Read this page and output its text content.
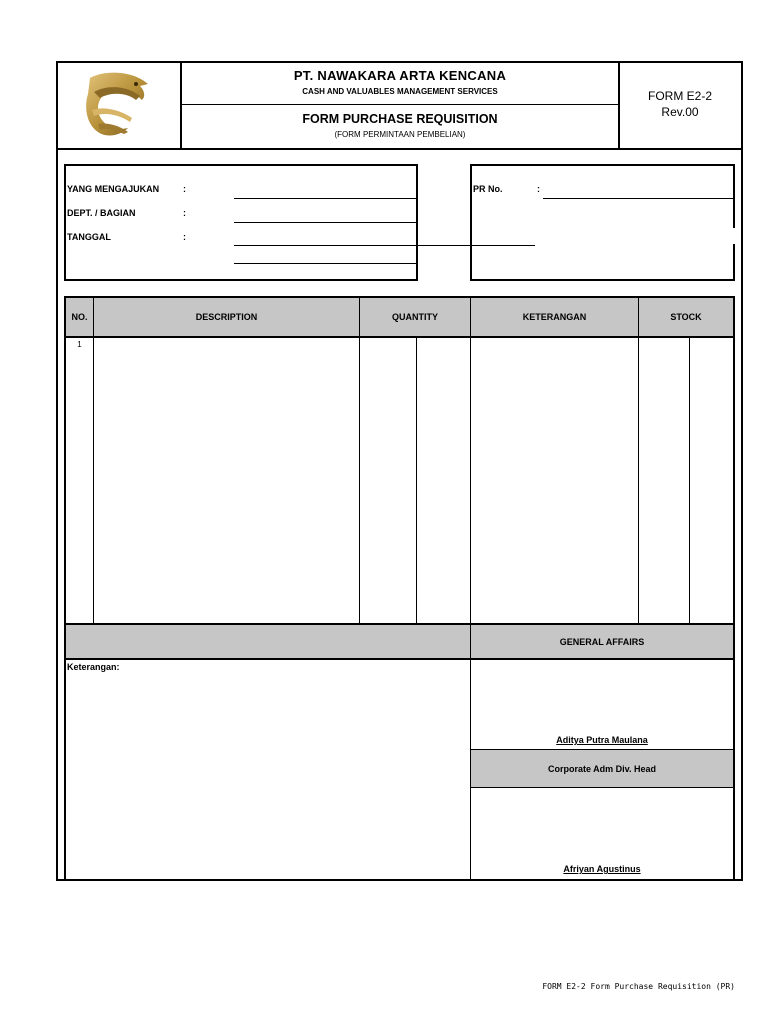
PT. NAWAKARA ARTA KENCANA
CASH AND VALUABLES MANAGEMENT SERVICES
FORM PURCHASE REQUISITION
(FORM PERMINTAAN PEMBELIAN)
FORM E2-2
Rev.00
YANG MENGAJUKAN	:
DEPT. / BAGIAN	:
TANGGAL	:
PR No.	:
NO.	DESCRIPTION	QUANTITY	KETERANGAN	STOCK
1
GENERAL AFFAIRS
Keterangan:
Aditya Putra Maulana
Corporate Adm Div. Head
Afriyan Agustinus
FORM E2-2 Form Purchase Requisition (PR)
